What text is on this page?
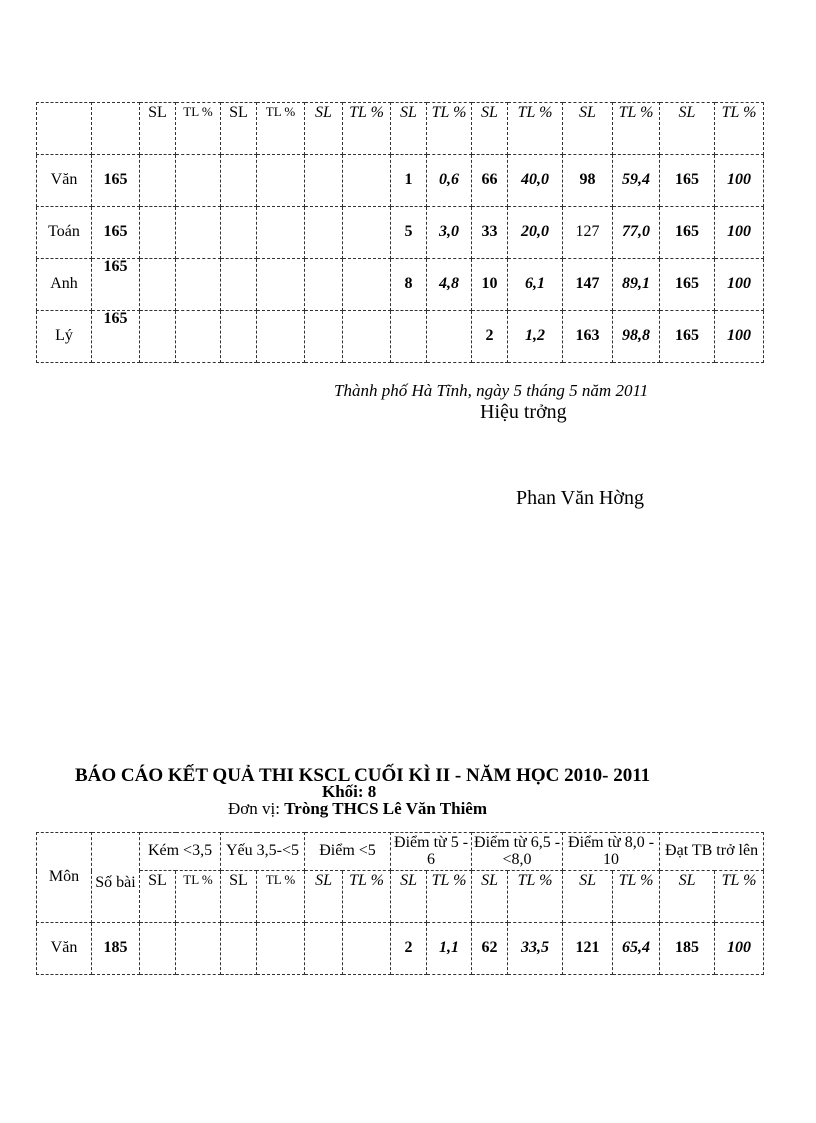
		SL	TL %	SL	TL %	SL	TL %	SL	TL %	SL	TL %	SL	TL %	SL	TL %
Văn	165							1	0,6	66	40,0	98	59,4	165	100
Toán	165							5	3,0	33	20,0	127	77,0	165	100
Anh	165							8	4,8	10	6,1	147	89,1	165	100
Lý	165									2	1,2	163	98,8	165	100
Thành phố Hà Tĩnh, ngày 5 tháng 5 năm 2011
Hiệu trởng
Phan Văn Hờng
BÁO CÁO KẾT QUẢ THI KSCL CUỐI KÌ II - NĂM HỌC 2010- 2011
Khối: 8
Đơn vị: Tròng THCS Lê Văn Thiêm
Môn	Số bài	Kém <3,5		Yếu 3,5-<5		Điểm <5		Điểm từ 5 - 6		Điểm từ 6,5 - <8,0		Điểm từ 8,0 - 10		Đạt TB trở lên	
		SL	TL %	SL	TL %	SL	TL %	SL	TL %	SL	TL %	SL	TL %	SL	TL %
Văn	185							2	1,1	62	33,5	121	65,4	185	100
